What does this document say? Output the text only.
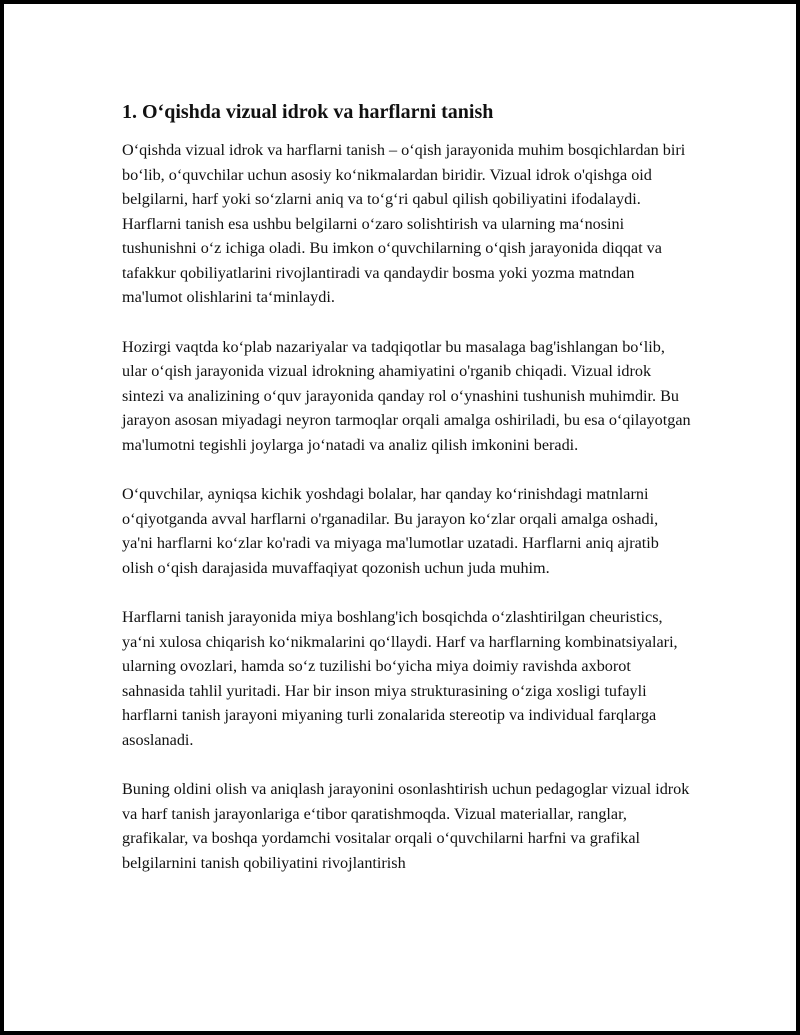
1. O‘qishda vizual idrok va harflarni tanish

O‘qishda vizual idrok va harflarni tanish – o‘qish jarayonida muhim bosqichlardan biri bo‘lib, o‘quvchilar uchun asosiy ko‘nikmalardan biridir. Vizual idrok o'qishga oid belgilarni, harf yoki so‘zlarni aniq va to‘g‘ri qabul qilish qobiliyatini ifodalaydi. Harflarni tanish esa ushbu belgilarni o‘zaro solishtirish va ularning ma‘nosini tushunishni o‘z ichiga oladi. Bu imkon o‘quvchilarning o‘qish jarayonida diqqat va tafakkur qobiliyatlarini rivojlantiradi va qandaydir bosma yoki yozma matndan ma'lumot olishlarini ta‘minlaydi.

Hozirgi vaqtda ko‘plab nazariyalar va tadqiqotlar bu masalaga bag'ishlangan bo‘lib, ular o‘qish jarayonida vizual idrokning ahamiyatini o'rganib chiqadi. Vizual idrok sintezi va analizining o‘quv jarayonida qanday rol o‘ynashini tushunish muhimdir. Bu jarayon asosan miyadagi neyron tarmoqlar orqali amalga oshiriladi, bu esa o‘qilayotgan ma'lumotni tegishli joylarga jo‘natadi va analiz qilish imkonini beradi.

O‘quvchilar, ayniqsa kichik yoshdagi bolalar, har qanday ko‘rinishdagi matnlarni o‘qiyotganda avval harflarni o'rganadilar. Bu jarayon ko‘zlar orqali amalga oshadi, ya'ni harflarni ko‘zlar ko'radi va miyaga ma'lumotlar uzatadi. Harflarni aniq ajratib olish o‘qish darajasida muvaffaqiyat qozonish uchun juda muhim.

Harflarni tanish jarayonida miya boshlang'ich bosqichda o‘zlashtirilgan cheuristics, ya‘ni xulosa chiqarish ko‘nikmalarini qo‘llaydi. Harf va harflarning kombinatsiyalari, ularning ovozlari, hamda so‘z tuzilishi bo‘yicha miya doimiy ravishda axborot sahnasida tahlil yuritadi. Har bir inson miya strukturasining o‘ziga xosligi tufayli harflarni tanish jarayoni miyaning turli zonalarida stereotip va individual farqlarga asoslanadi.

Buning oldini olish va aniqlash jarayonini osonlashtirish uchun pedagoglar vizual idrok va harf tanish jarayonlariga e‘tibor qaratishmoqda. Vizual materiallar, ranglar, grafikalar, va boshqa yordamchi vositalar orqali o‘quvchilarni harfni va grafikal belgilarnini tanish qobiliyatini rivojlantirish
